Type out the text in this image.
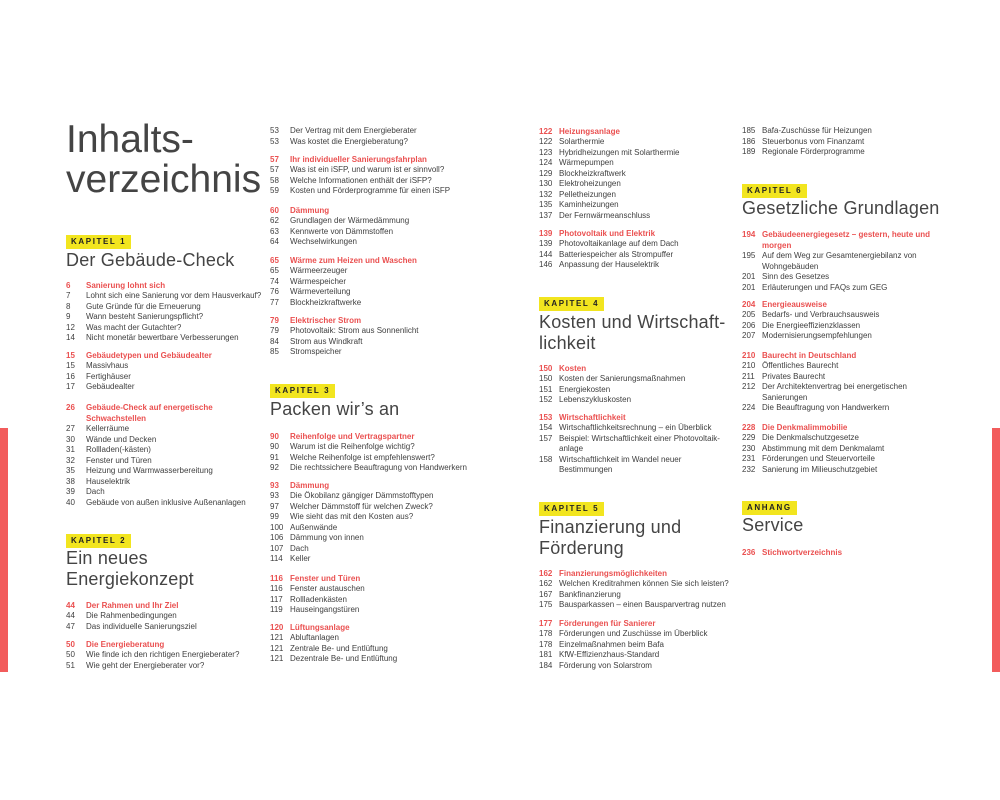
Inhalts-
verzeichnis
KAPITEL 1
Der Gebäude-Check
6	Sanierung lohnt sich
7	Lohnt sich eine Sanierung vor dem Hausverkauf?
8	Gute Gründe für die Erneuerung
9	Wann besteht Sanierungspflicht?
12	Was macht der Gutachter?
14	Nicht monetär bewertbare Verbesserungen
15	Gebäudetypen und Gebäudealter
15	Massivhaus
16	Fertighäuser
17	Gebäudealter
26	Gebäude-Check auf energetische
Schwachstellen
27	Kellerräume
30	Wände und Decken
31	Rollladen(-kästen)
32	Fenster und Türen
35	Heizung und Warmwasserbereitung
38	Hauselektrik
39	Dach
40	Gebäude von außen inklusive Außenanlagen
KAPITEL 2
Ein neues
Energiekonzept
44	Der Rahmen und Ihr Ziel
44	Die Rahmenbedingungen
47	Das individuelle Sanierungsziel
50	Die Energieberatung
50	Wie finde ich den richtigen Energieberater?
51	Wie geht der Energieberater vor?
53	Der Vertrag mit dem Energieberater
53	Was kostet die Energieberatung?
57	Ihr individueller Sanierungsfahrplan
57	Was ist ein iSFP, und warum ist er sinnvoll?
58	Welche Informationen enthält der iSFP?
59	Kosten und Förderprogramme für einen iSFP
60	Dämmung
62	Grundlagen der Wärmedämmung
63	Kennwerte von Dämmstoffen
64	Wechselwirkungen
65	Wärme zum Heizen und Waschen
65	Wärmeerzeuger
74	Wärmespeicher
76	Wärmeverteilung
77	Blockheizkraftwerke
79	Elektrischer Strom
79	Photovoltaik: Strom aus Sonnenlicht
84	Strom aus Windkraft
85	Stromspeicher
KAPITEL 3
Packen wir’s an
90	Reihenfolge und Vertragspartner
90	Warum ist die Reihenfolge wichtig?
91	Welche Reihenfolge ist empfehlenswert?
92	Die rechtssichere Beauftragung von Handwerkern
93	Dämmung
93	Die Ökobilanz gängiger Dämmstofftypen
97	Welcher Dämmstoff für welchen Zweck?
99	Wie sieht das mit den Kosten aus?
100 Außenwände
106 Dämmung von innen
107 Dach
114 Keller
116 Fenster und Türen
116 Fenster austauschen
117 Rollladenkästen
119 Hauseingangstüren
120 Lüftungsanlage
121 Abluftanlagen
121 Zentrale Be- und Entlüftung
121 Dezentrale Be- und Entlüftung
122 Heizungsanlage
122 Solarthermie
123 Hybridheizungen mit Solarthermie
124 Wärmepumpen
129 Blockheizkraftwerk
130 Elektroheizungen
132 Pelletheizungen
135 Kaminheizungen
137 Der Fernwärmeanschluss
139 Photovoltaik und Elektrik
139 Photovoltaikanlage auf dem Dach
144 Batteriespeicher als Strompuffer
146 Anpassung der Hauselektrik
KAPITEL 4
Kosten und Wirtschaft-
lichkeit
150 Kosten
150 Kosten der Sanierungsmaßnahmen
151 Energiekosten
152 Lebenszykluskosten
153 Wirtschaftlichkeit
154 Wirtschaftlichkeitsrechnung – ein Überblick
157 Beispiel: Wirtschaftlichkeit einer Photovoltaik-
anlage
158 Wirtschaftlichkeit im Wandel neuer
Bestimmungen
KAPITEL 5
Finanzierung und
Förderung
162 Finanzierungsmöglichkeiten
162 Welchen Kreditrahmen können Sie sich leisten?
167 Bankfinanzierung
175 Bausparkassen – einen Bausparvertrag nutzen
177 Förderungen für Sanierer
178 Förderungen und Zuschüsse im Überblick
178 Einzelmaßnahmen beim Bafa
181 KfW-Effizienzhaus-Standard
184 Förderung von Solarstrom
185 Bafa-Zuschüsse für Heizungen
186 Steuerbonus vom Finanzamt
189 Regionale Förderprogramme
KAPITEL 6
Gesetzliche Grundlagen
194 Gebäudeenergiegesetz – gestern, heute und
morgen
195 Auf dem Weg zur Gesamtenergiebilanz von
Wohngebäuden
201 Sinn des Gesetzes
201 Erläuterungen und FAQs zum GEG
204 Energieausweise
205 Bedarfs- und Verbrauchsausweis
206 Die Energieeffizienzklassen
207 Modernisierungsempfehlungen
210 Baurecht in Deutschland
210 Öffentliches Baurecht
211 Privates Baurecht
212 Der Architektenvertrag bei energetischen
Sanierungen
224 Die Beauftragung von Handwerkern
228 Die Denkmalimmobilie
229 Die Denkmalschutzgesetze
230 Abstimmung mit dem Denkmalamt
231 Förderungen und Steuervorteile
232 Sanierung im Milieuschutzgebiet
ANHANG
Service
236 Stichwortverzeichnis
